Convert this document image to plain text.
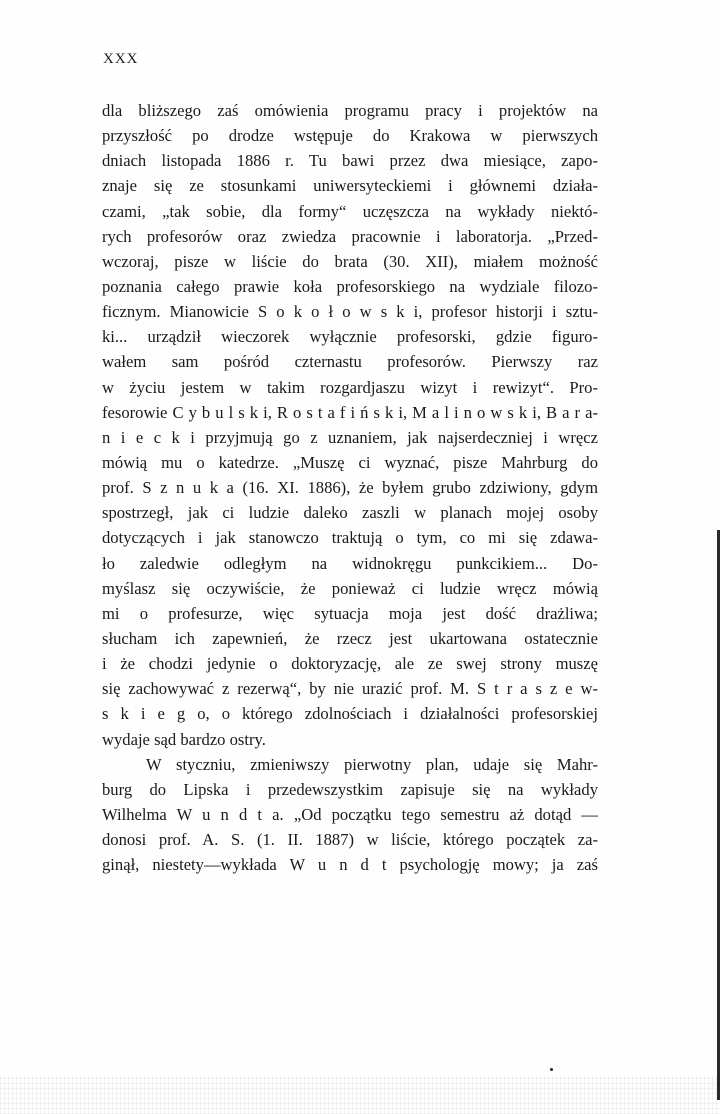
XXX
dla bliższego zaś omówienia programu pracy i projektów na
przyszłość po drodze wstępuje do Krakowa w pierwszych
dniach listopada 1886 r. Tu bawi przez dwa miesiące, zapo-
znaje się ze stosunkami uniwersyteckiemi i głównemi działa-
czami, „tak sobie, dla formy“ uczęszcza na wykłady niektó-
rych profesorów oraz zwiedza pracownie i laboratorja. „Przed-
wczoraj, pisze w liście do brata (30. XII), miałem możność
poznania całego prawie koła profesorskiego na wydziale filozo-
ficznym. Mianowicie S o k o ł o w s k i, profesor historji i sztu-
ki... urządził wieczorek wyłącznie profesorski, gdzie figuro-
wałem sam pośród czternastu profesorów. Pierwszy raz
w życiu jestem w takim rozgardjaszu wizyt i rewizyt“. Pro-
fesorowie C y b u l s k i, R o s t a f i ń s k i, M a l i n o w s k i, B a r a-
n i e c k i przyjmują go z uznaniem, jak najserdeczniej i wręcz
mówią mu o katedrze. „Muszę ci wyznać, pisze Mahrburg do
prof. S z n u k a (16. XI. 1886), że byłem grubo zdziwiony, gdym
spostrzegł, jak ci ludzie daleko zaszli w planach mojej osoby
dotyczących i jak stanowczo traktują o tym, co mi się zdawa-
ło zaledwie odległym na widnokręgu punkcikiem... Do-
myślasz się oczywiście, że ponieważ ci ludzie wręcz mówią
mi o profesurze, więc sytuacja moja jest dość drażliwa;
słucham ich zapewnień, że rzecz jest ukartowana ostatecznie
i że chodzi jedynie o doktoryzację, ale ze swej strony muszę
się zachowywać z rezerwą“, by nie urazić prof. M. S t r a s z e w-
s k i e g o, o którego zdolnościach i działalności profesorskiej
wydaje sąd bardzo ostry.
W styczniu, zmieniwszy pierwotny plan, udaje się Mahr-
burg do Lipska i przedewszystkim zapisuje się na wykłady
Wilhelma W u n d t a. „Od początku tego semestru aż dotąd —
donosi prof. A. S. (1. II. 1887) w liście, którego początek za-
ginął, niestety—wykłada W u n d t psychologję mowy; ja zaś
